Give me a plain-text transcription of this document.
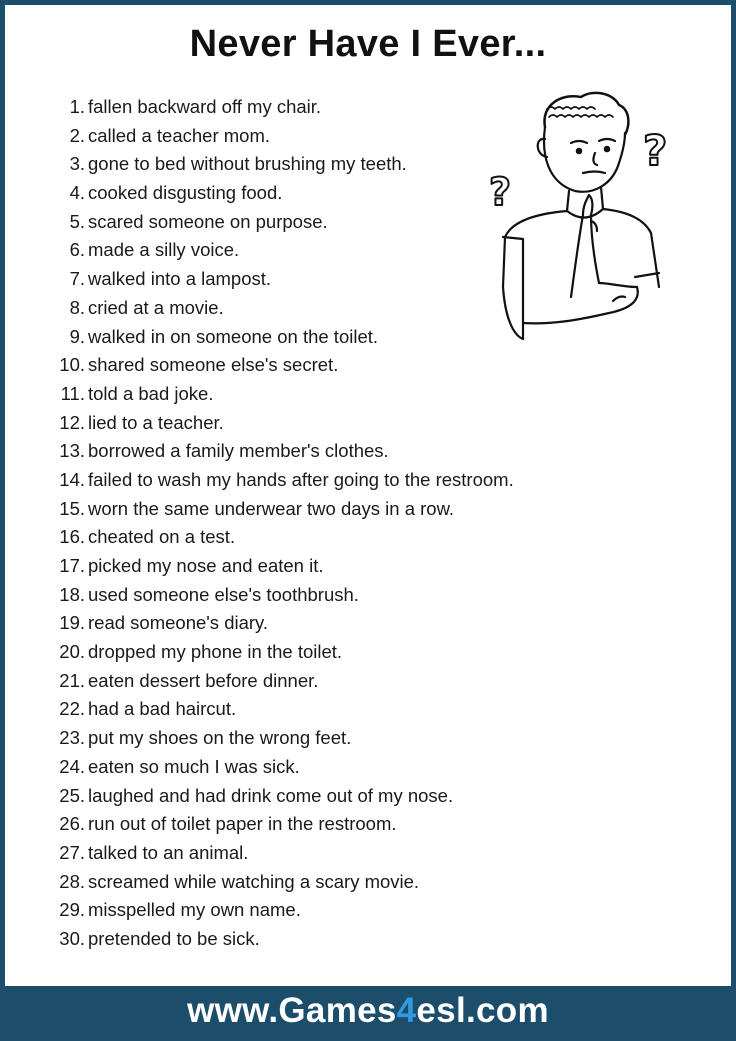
Never Have I Ever...
1. fallen backward off my chair.
2. called a teacher mom.
3. gone to bed without brushing my teeth.
4. cooked disgusting food.
5. scared someone on purpose.
6. made a silly voice.
7. walked into a lampost.
8. cried at a movie.
9. walked in on someone on the toilet.
10. shared someone else's secret.
11. told a bad joke.
12. lied to a teacher.
13. borrowed a family member's clothes.
14. failed to wash my hands after going to the restroom.
15. worn the same underwear two days in a row.
16. cheated on a test.
17. picked my nose and eaten it.
18. used someone else's toothbrush.
19. read someone's diary.
20. dropped my phone in the toilet.
21. eaten dessert before dinner.
22. had a bad haircut.
23. put my shoes on the wrong feet.
24. eaten so much I was sick.
25. laughed and had drink come out of my nose.
26. run out of toilet paper in the restroom.
27. talked to an animal.
28. screamed while watching a scary movie.
29. misspelled my own name.
30. pretended to be sick.
?
?
www.Games 4 esl.com
